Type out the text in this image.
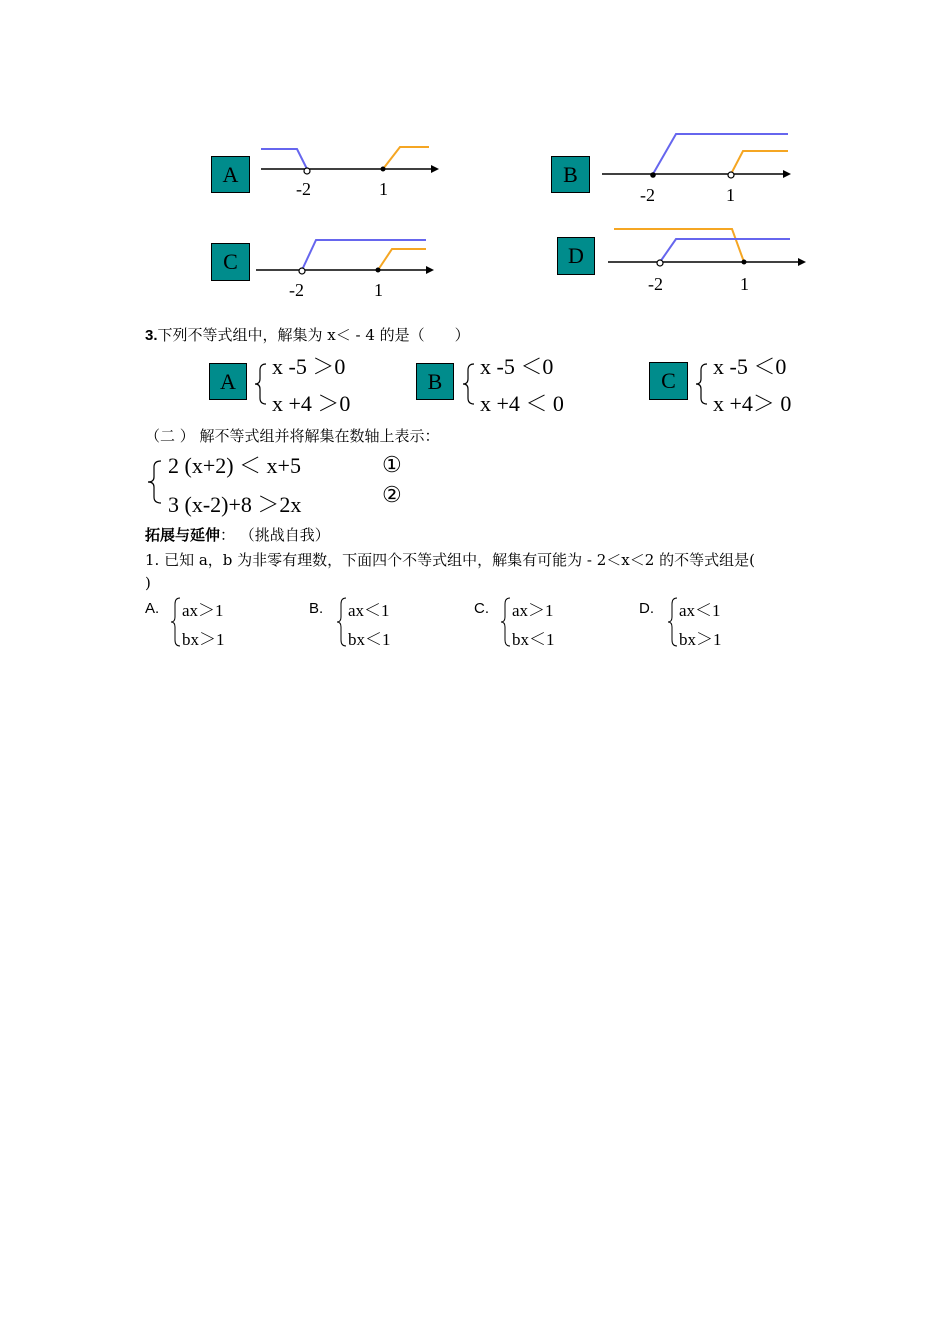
A
-2	1
B
-2	1
C
-2	1
D
-2	1
3.下列不等式组中，解集为 x＜ - 4 的是（　　）
A
x -5 ＞0
x +4 ＞0
B
x -5 ＜0
x +4 ＜ 0
C
x -5 ＜0
x +4＞ 0
（二 ） 解不等式组并将解集在数轴上表示：
2 (x+2) ＜ x+5
3 (x-2)+8 ＞2x
①
②
拓展与延伸： （挑战自我）
1. 已知 a，b 为非零有理数，下面四个不等式组中，解集有可能为 - 2＜x＜2 的不等式组是(
)
A. ax＞1
bx＞1
B. ax＜1
bx＜1
C. ax＞1
bx＜1
D. ax＜1
bx＞1
